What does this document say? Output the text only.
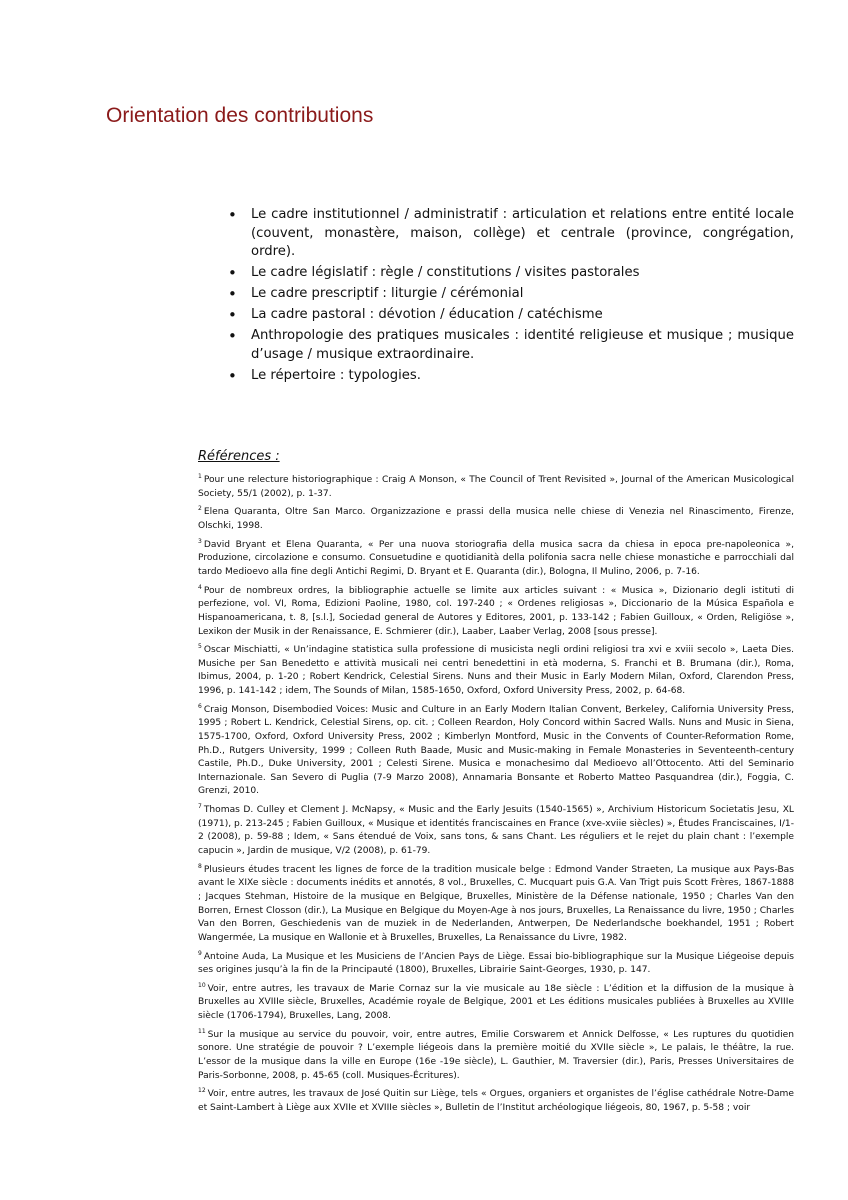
Orientation des contributions
• Le cadre institutionnel / administratif : articulation et relations entre entité locale (couvent, monastère, maison, collège) et centrale (province, congrégation, ordre).
• Le cadre législatif : règle / constitutions / visites pastorales
• Le cadre prescriptif : liturgie / cérémonial
• La cadre pastoral : dévotion / éducation / catéchisme
• Anthropologie des pratiques musicales : identité religieuse et musique ; musique d’usage / musique extraordinaire.
• Le répertoire : typologies.

Références :

$^1$ Pour une relecture historiographique : Craig A Monson, « The Council of Trent Revisited », Journal of the American Musicological Society, 55/1 (2002), p. 1-37.

$^2$ Elena Quaranta, Oltre San Marco. Organizzazione e prassi della musica nelle chiese di Venezia nel Rinascimento, Firenze, Olschki, 1998.

$^3$ David Bryant et Elena Quaranta, « Per una nuova storiografia della musica sacra da chiesa in epoca pre-napoleonica », Produzione, circolazione e consumo. Consuetudine e quotidianità della polifonia sacra nelle chiese monastiche e parrocchiali dal tardo Medioevo alla fine degli Antichi Regimi, D. Bryant et E. Quaranta (dir.), Bologna, Il Mulino, 2006, p. 7-16.

$^4$ Pour de nombreux ordres, la bibliographie actuelle se limite aux articles suivant : « Musica », Dizionario degli istituti di perfezione, vol. VI, Roma, Edizioni Paoline, 1980, col. 197-240 ; « Ordenes religiosas », Diccionario de la Música Española e Hispanoamericana, t. 8, [s.l.], Sociedad general de Autores y Editores, 2001, p. 133-142 ; Fabien Guilloux, « Orden, Religiöse », Lexikon der Musik in der Renaissance, E. Schmierer (dir.), Laaber, Laaber Verlag, 2008 [sous presse].

$^5$ Oscar Mischiatti, « Un’indagine statistica sulla professione di musicista negli ordini religiosi tra xvi e xviii secolo », Laeta Dies. Musiche per San Benedetto e attività musicali nei centri benedettini in età moderna, S. Franchi et B. Brumana (dir.), Roma, Ibimus, 2004, p. 1-20 ; Robert Kendrick, Celestial Sirens. Nuns and their Music in Early Modern Milan, Oxford, Clarendon Press, 1996, p. 141-142 ; idem, The Sounds of Milan, 1585-1650, Oxford, Oxford University Press, 2002, p. 64-68.

$^6$ Craig Monson, Disembodied Voices: Music and Culture in an Early Modern Italian Convent, Berkeley, California University Press, 1995 ; Robert L. Kendrick, Celestial Sirens, op. cit. ; Colleen Reardon, Holy Concord within Sacred Walls. Nuns and Music in Siena, 1575-1700, Oxford, Oxford University Press, 2002 ; Kimberlyn Montford, Music in the Convents of Counter-Reformation Rome, Ph.D., Rutgers University, 1999 ; Colleen Ruth Baade, Music and Music-making in Female Monasteries in Seventeenth-century Castile, Ph.D., Duke University, 2001 ; Celesti Sirene. Musica e monachesimo dal Medioevo all’Ottocento. Atti del Seminario Internazionale. San Severo di Puglia (7-9 Marzo 2008), Annamaria Bonsante et Roberto Matteo Pasquandrea (dir.), Foggia, C. Grenzi, 2010.

$^7$ Thomas D. Culley et Clement J. McNapsy, « Music and the Early Jesuits (1540-1565) », Archivium Historicum Societatis Jesu, XL (1971), p. 213-245 ; Fabien Guilloux, « Musique et identités franciscaines en France (xve-xviie siècles) », Études Franciscaines, I/1-2 (2008), p. 59-88 ; Idem, « Sans étendué de Voix, sans tons, & sans Chant. Les réguliers et le rejet du plain chant : l’exemple capucin », Jardin de musique, V/2 (2008), p. 61-79.

$^8$ Plusieurs études tracent les lignes de force de la tradition musicale belge : Edmond Vander Straeten, La musique aux Pays-Bas avant le XIXe siècle : documents inédits et annotés, 8 vol., Bruxelles, C. Mucquart puis G.A. Van Trigt puis Scott Frères, 1867-1888 ; Jacques Stehman, Histoire de la musique en Belgique, Bruxelles, Ministère de la Défense nationale, 1950 ; Charles Van den Borren, Ernest Closson (dir.), La Musique en Belgique du Moyen-Age à nos jours, Bruxelles, La Renaissance du livre, 1950 ; Charles Van den Borren, Geschiedenis van de muziek in de Nederlanden, Antwerpen, De Nederlandsche boekhandel, 1951 ; Robert Wangermée, La musique en Wallonie et à Bruxelles, Bruxelles, La Renaissance du Livre, 1982.

$^9$ Antoine Auda, La Musique et les Musiciens de l’Ancien Pays de Liège. Essai bio-bibliographique sur la Musique Liégeoise depuis ses origines jusqu’à la fin de la Principauté (1800), Bruxelles, Librairie Saint-Georges, 1930, p. 147.

$^{10}$ Voir, entre autres, les travaux de Marie Cornaz sur la vie musicale au 18e siècle : L’édition et la diffusion de la musique à Bruxelles au XVIIIe siècle, Bruxelles, Académie royale de Belgique, 2001 et Les éditions musicales publiées à Bruxelles au XVIIIe siècle (1706-1794), Bruxelles, Lang, 2008.

$^{11}$ Sur la musique au service du pouvoir, voir, entre autres, Emilie Corswarem et Annick Delfosse, « Les ruptures du quotidien sonore. Une stratégie de pouvoir ? L’exemple liégeois dans la première moitié du XVIIe siècle », Le palais, le théâtre, la rue. L’essor de la musique dans la ville en Europe (16e -19e siècle), L. Gauthier, M. Traversier (dir.), Paris, Presses Universitaires de Paris-Sorbonne, 2008, p. 45-65 (coll. Musiques-Écritures).

$^{12}$ Voir, entre autres, les travaux de José Quitin sur Liège, tels « Orgues, organiers et organistes de l’église cathédrale Notre-Dame et Saint-Lambert à Liège aux XVIIe et XVIIIe siècles », Bulletin de l’Institut archéologique liégeois, 80, 1967, p. 5-58 ; voir
